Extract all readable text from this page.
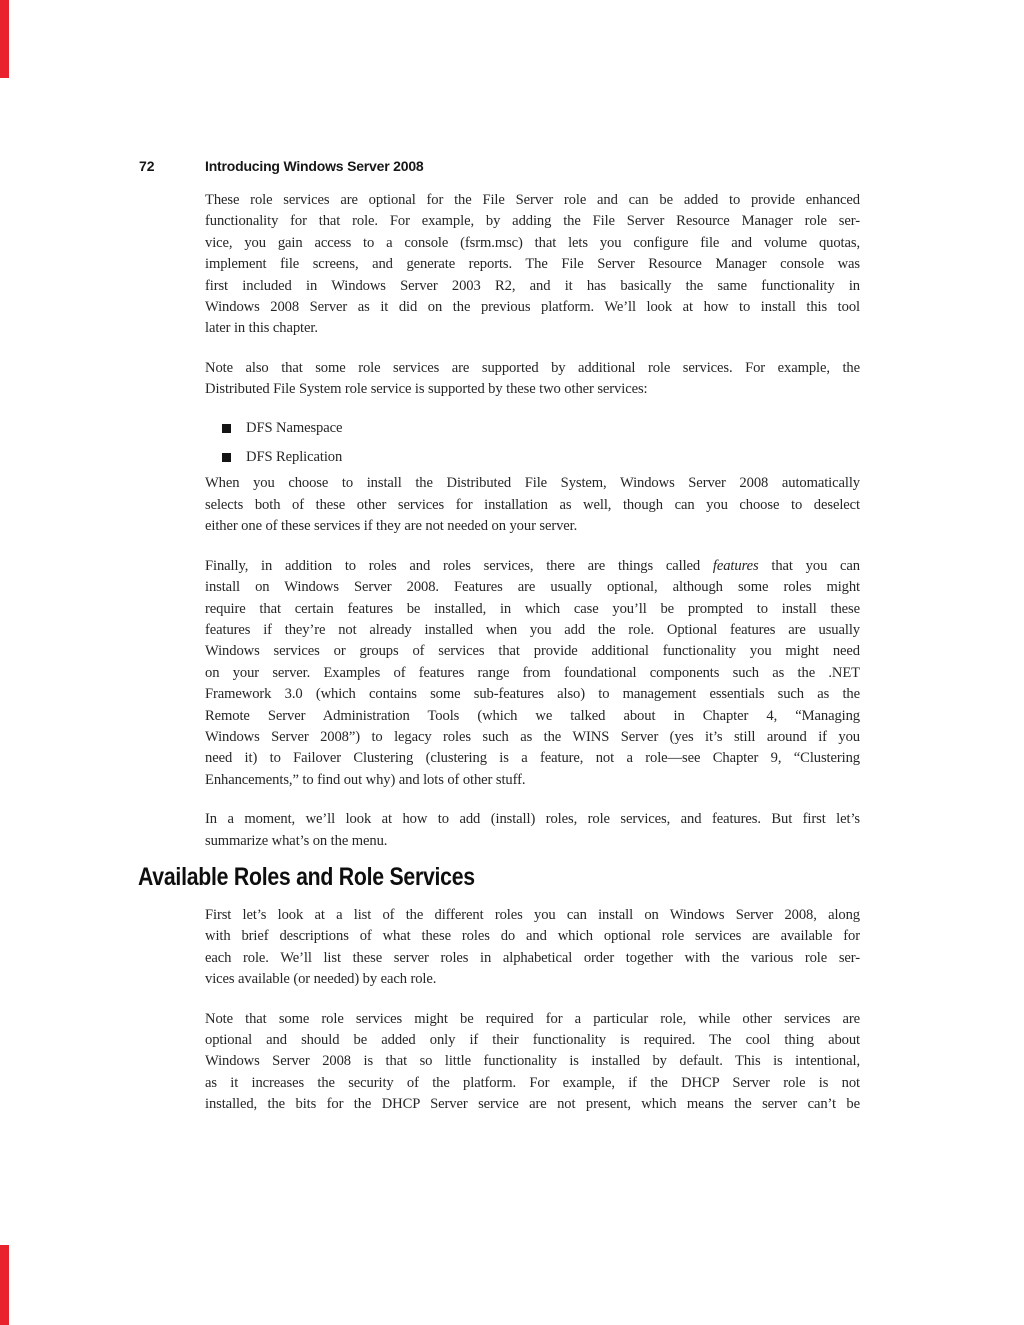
72	Introducing Windows Server 2008
These role services are optional for the File Server role and can be added to provide enhanced
functionality for that role. For example, by adding the File Server Resource Manager role ser-
vice, you gain access to a console (fsrm.msc) that lets you configure file and volume quotas,
implement file screens, and generate reports. The File Server Resource Manager console was
first included in Windows Server 2003 R2, and it has basically the same functionality in
Windows 2008 Server as it did on the previous platform. We’ll look at how to install this tool
later in this chapter.
Note also that some role services are supported by additional role services. For example, the
Distributed File System role service is supported by these two other services:
DFS Namespace
DFS Replication
When you choose to install the Distributed File System, Windows Server 2008 automatically
selects both of these other services for installation as well, though can you choose to deselect
either one of these services if they are not needed on your server.
Finally, in addition to roles and roles services, there are things called features that you can
install on Windows Server 2008. Features are usually optional, although some roles might
require that certain features be installed, in which case you’ll be prompted to install these
features if they’re not already installed when you add the role. Optional features are usually
Windows services or groups of services that provide additional functionality you might need
on your server. Examples of features range from foundational components such as the .NET
Framework 3.0 (which contains some sub-features also) to management essentials such as the
Remote Server Administration Tools (which we talked about in Chapter 4, “Managing
Windows Server 2008”) to legacy roles such as the WINS Server (yes it’s still around if you
need it) to Failover Clustering (clustering is a feature, not a role—see Chapter 9, “Clustering
Enhancements,” to find out why) and lots of other stuff.
In a moment, we’ll look at how to add (install) roles, role services, and features. But first let’s
summarize what’s on the menu.
Available Roles and Role Services
First let’s look at a list of the different roles you can install on Windows Server 2008, along
with brief descriptions of what these roles do and which optional role services are available for
each role. We’ll list these server roles in alphabetical order together with the various role ser-
vices available (or needed) by each role.
Note that some role services might be required for a particular role, while other services are
optional and should be added only if their functionality is required. The cool thing about
Windows Server 2008 is that so little functionality is installed by default. This is intentional,
as it increases the security of the platform. For example, if the DHCP Server role is not
installed, the bits for the DHCP Server service are not present, which means the server can’t be
